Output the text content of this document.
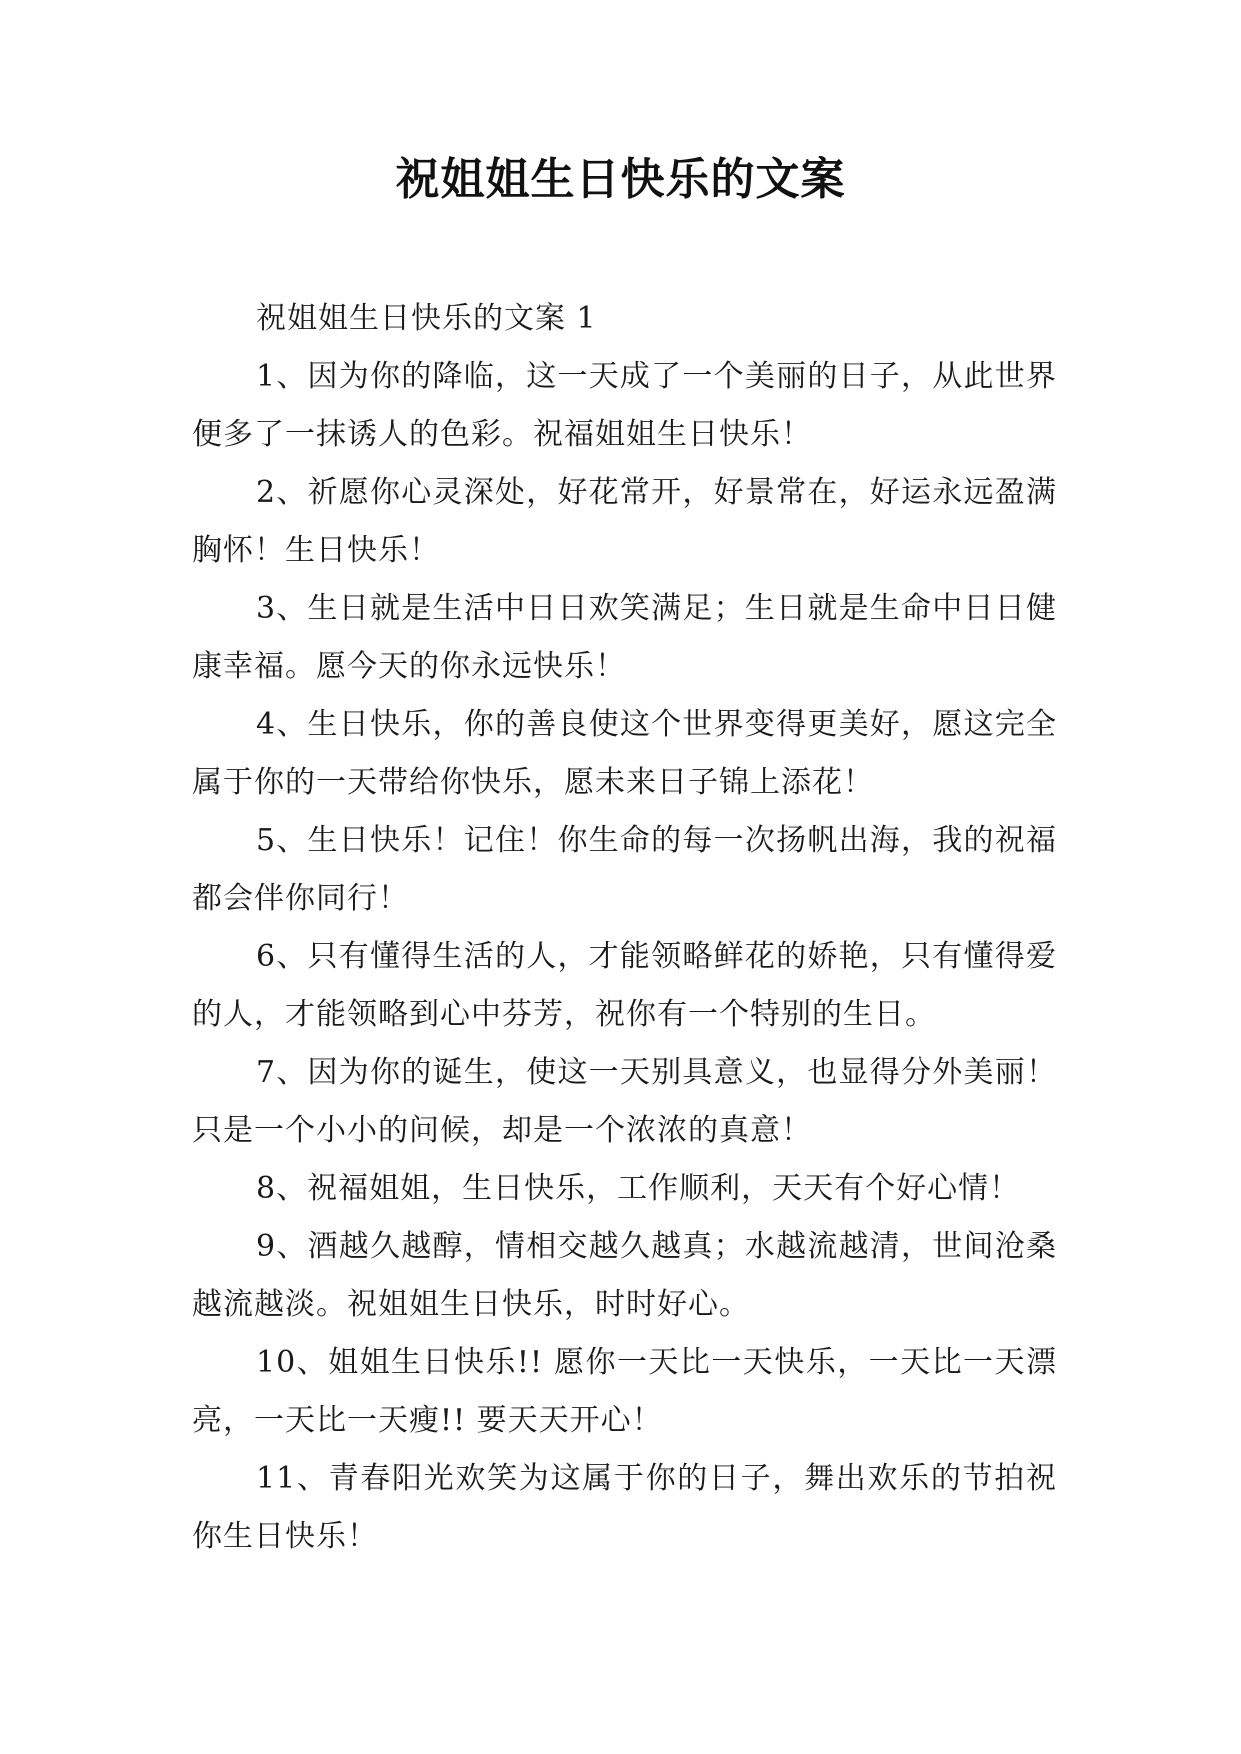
祝姐姐生日快乐的文案

祝姐姐生日快乐的文案 1

1、因为你的降临，这一天成了一个美丽的日子，从此世界便多了一抹诱人的色彩。祝福姐姐生日快乐！

2、祈愿你心灵深处，好花常开，好景常在，好运永远盈满胸怀！生日快乐！

3、生日就是生活中日日欢笑满足；生日就是生命中日日健康幸福。愿今天的你永远快乐！

4、生日快乐，你的善良使这个世界变得更美好，愿这完全属于你的一天带给你快乐，愿未来日子锦上添花！

5、生日快乐！记住！你生命的每一次扬帆出海，我的祝福都会伴你同行！

6、只有懂得生活的人，才能领略鲜花的娇艳，只有懂得爱的人，才能领略到心中芬芳，祝你有一个特别的生日。

7、因为你的诞生，使这一天别具意义，也显得分外美丽！只是一个小小的问候，却是一个浓浓的真意！

8、祝福姐姐，生日快乐，工作顺利，天天有个好心情！

9、酒越久越醇，情相交越久越真；水越流越清，世间沧桑越流越淡。祝姐姐生日快乐，时时好心。

10、姐姐生日快乐!! 愿你一天比一天快乐，一天比一天漂亮，一天比一天瘦!! 要天天开心！

11、青春阳光欢笑为这属于你的日子，舞出欢乐的节拍祝你生日快乐！
